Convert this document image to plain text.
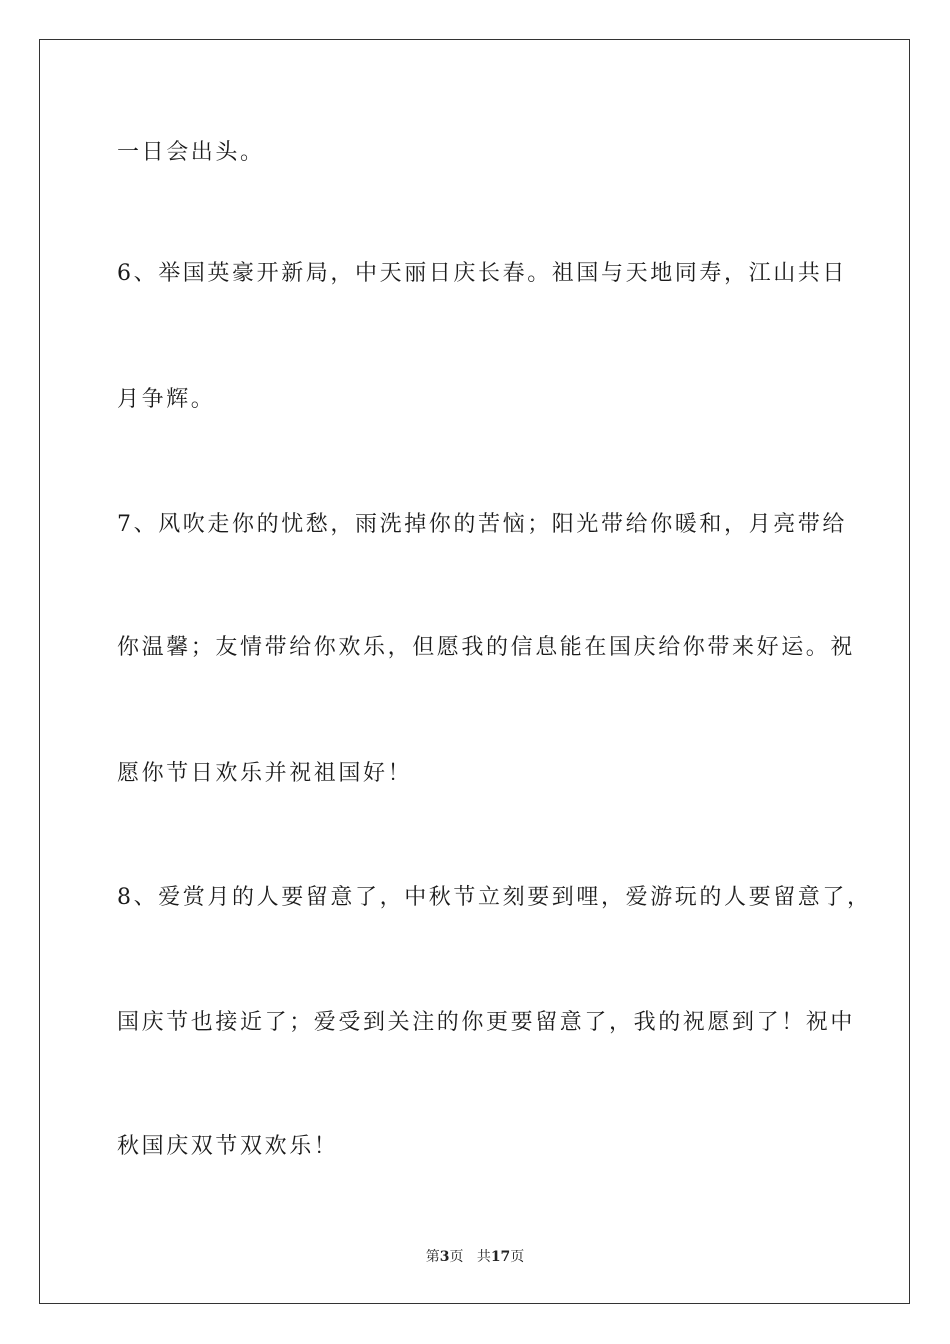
一日会出头。
6、举国英豪开新局，中天丽日庆长春。祖国与天地同寿，江山共日
月争辉。
7、风吹走你的忧愁，雨洗掉你的苦恼；阳光带给你暖和，月亮带给
你温馨；友情带给你欢乐，但愿我的信息能在国庆给你带来好运。祝
愿你节日欢乐并祝祖国好！
8、爱赏月的人要留意了，中秋节立刻要到哩，爱游玩的人要留意了，
国庆节也接近了；爱受到关注的你更要留意了，我的祝愿到了！祝中
秋国庆双节双欢乐！
第3页 共17页
